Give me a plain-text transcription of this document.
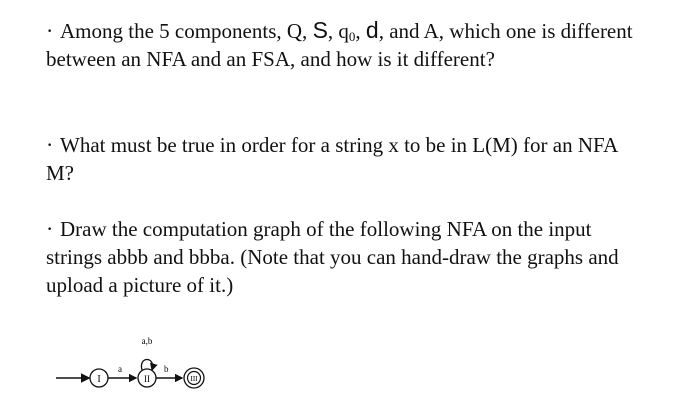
· Among the 5 components, Q, S, $q_0$, d, and A, which one is different between an NFA and an FSA, and how is it different?

· What must be true in order for a string x to be in L(M) for an NFA M?

· Draw the computation graph of the following NFA on the input strings abbb and bbba. (Note that you can hand-draw the graphs and upload a picture of it.)

I
a
II
a,b
b
III
